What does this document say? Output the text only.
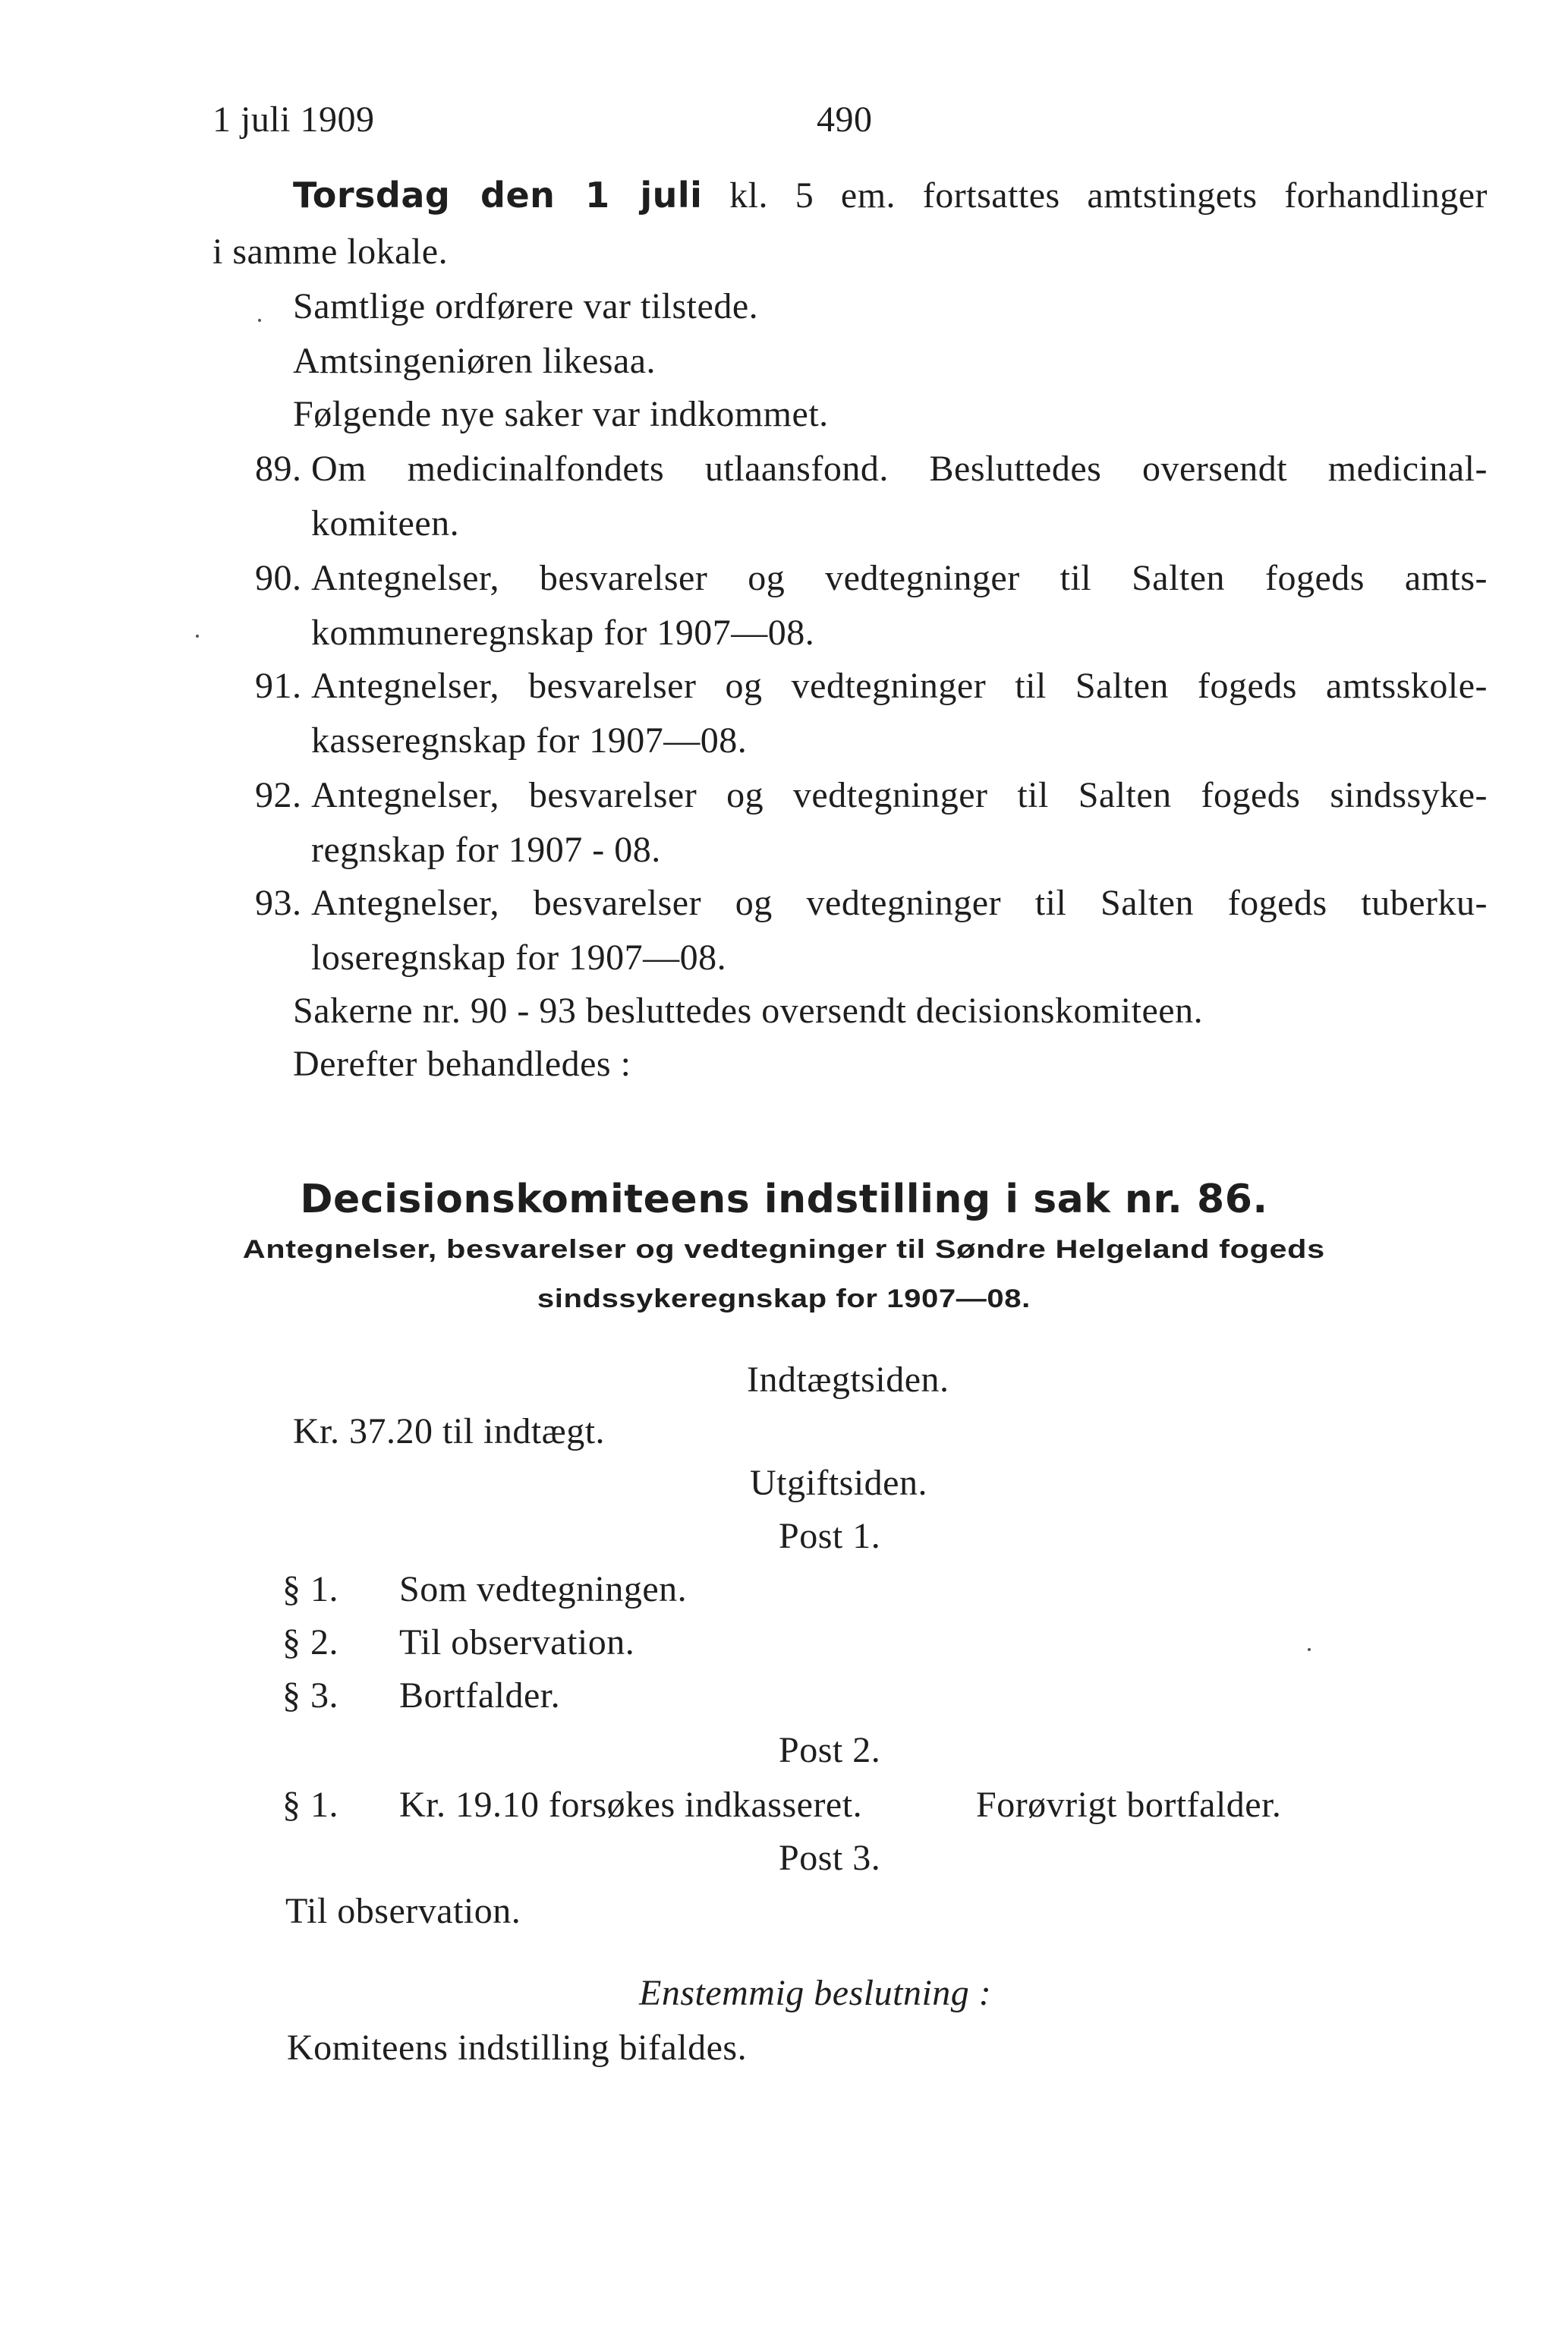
1 juli 1909	490
Torsdag den 1 juli kl. 5 em. fortsattes amtstingets forhandlinger
i samme lokale.
Samtlige ordførere var tilstede.
Amtsingeniøren likesaa.
Følgende nye saker var indkommet.
89. Om medicinalfondets utlaansfond. Besluttedes oversendt medicinal-
komiteen.
90. Antegnelser, besvarelser og vedtegninger til Salten fogeds amts-
kommuneregnskap for 1907—08.
91. Antegnelser, besvarelser og vedtegninger til Salten fogeds amtsskole-
kasseregnskap for 1907—08.
92. Antegnelser, besvarelser og vedtegninger til Salten fogeds sindssyke-
regnskap for 1907 - 08.
93. Antegnelser, besvarelser og vedtegninger til Salten fogeds tuberku-
loseregnskap for 1907—08.
Sakerne nr. 90 - 93 besluttedes oversendt decisionskomiteen.
Derefter behandledes :
Decisionskomiteens indstilling i sak nr. 86.
Antegnelser, besvarelser og vedtegninger til Søndre Helgeland fogeds
sindssykeregnskap for 1907—08.
Indtægtsiden.
Kr. 37.20 til indtægt.
Utgiftsiden.
Post 1.
§ 1. Som vedtegningen.
§ 2. Til observation.
§ 3. Bortfalder.
Post 2.
§ 1. Kr. 19.10 forsøkes indkasseret.	Forøvrigt bortfalder.
Post 3.
Til observation.
Enstemmig beslutning :
Komiteens indstilling bifaldes.
